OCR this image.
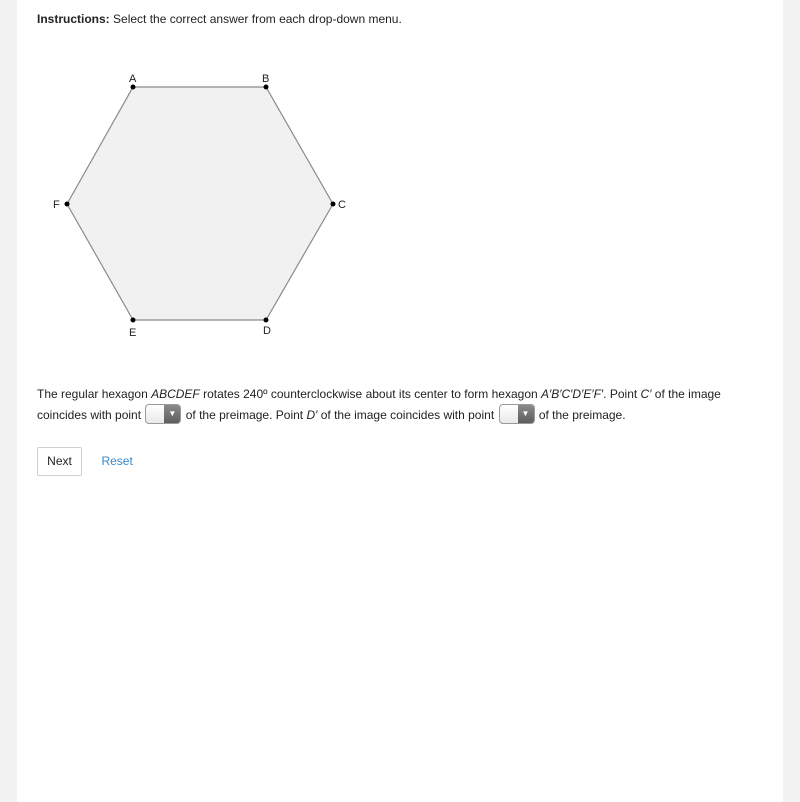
Instructions: Select the correct answer from each drop-down menu.
A	B
C
D
E
F
The regular hexagon ABCDEF rotates 240º counterclockwise about its center to form hexagon A′B′C′D′E′F′. Point C′ of the image coincides with point	▼ of the preimage. Point D′ of the image coincides with point	▼ of the preimage.
Next Reset
